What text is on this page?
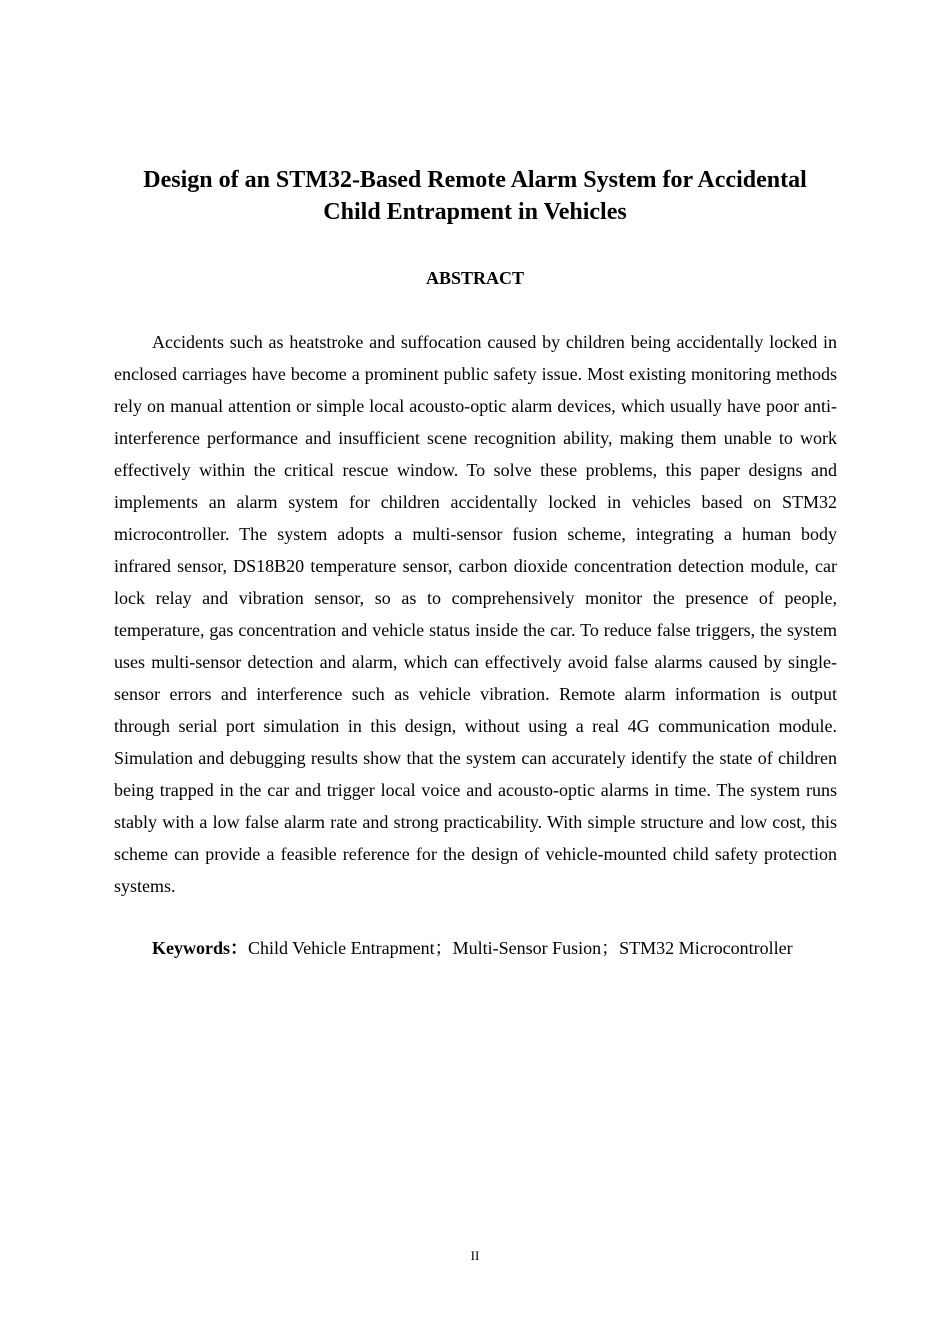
Design of an STM32-Based Remote Alarm System for Accidental
Child Entrapment in Vehicles
ABSTRACT

Accidents such as heatstroke and suffocation caused by children being accidentally locked in enclosed carriages have become a prominent public safety issue. Most existing monitoring methods rely on manual attention or simple local acousto-optic alarm devices, which usually have poor anti-interference performance and insufficient scene recognition ability, making them unable to work effectively within the critical rescue window. To solve these problems, this paper designs and implements an alarm system for children accidentally locked in vehicles based on STM32 microcontroller. The system adopts a multi-sensor fusion scheme, integrating a human body infrared sensor, DS18B20 temperature sensor, carbon dioxide concentration detection module, car lock relay and vibration sensor, so as to comprehensively monitor the presence of people, temperature, gas concentration and vehicle status inside the car. To reduce false triggers, the system uses multi-sensor detection and alarm, which can effectively avoid false alarms caused by single-sensor errors and interference such as vehicle vibration. Remote alarm information is output through serial port simulation in this design, without using a real 4G communication module. Simulation and debugging results show that the system can accurately identify the state of children being trapped in the car and trigger local voice and acousto-optic alarms in time. The system runs stably with a low false alarm rate and strong practicability. With simple structure and low cost, this scheme can provide a feasible reference for the design of vehicle-mounted child safety protection systems.

Keywords：Child Vehicle Entrapment；Multi-Sensor Fusion；STM32 Microcontroller

II
